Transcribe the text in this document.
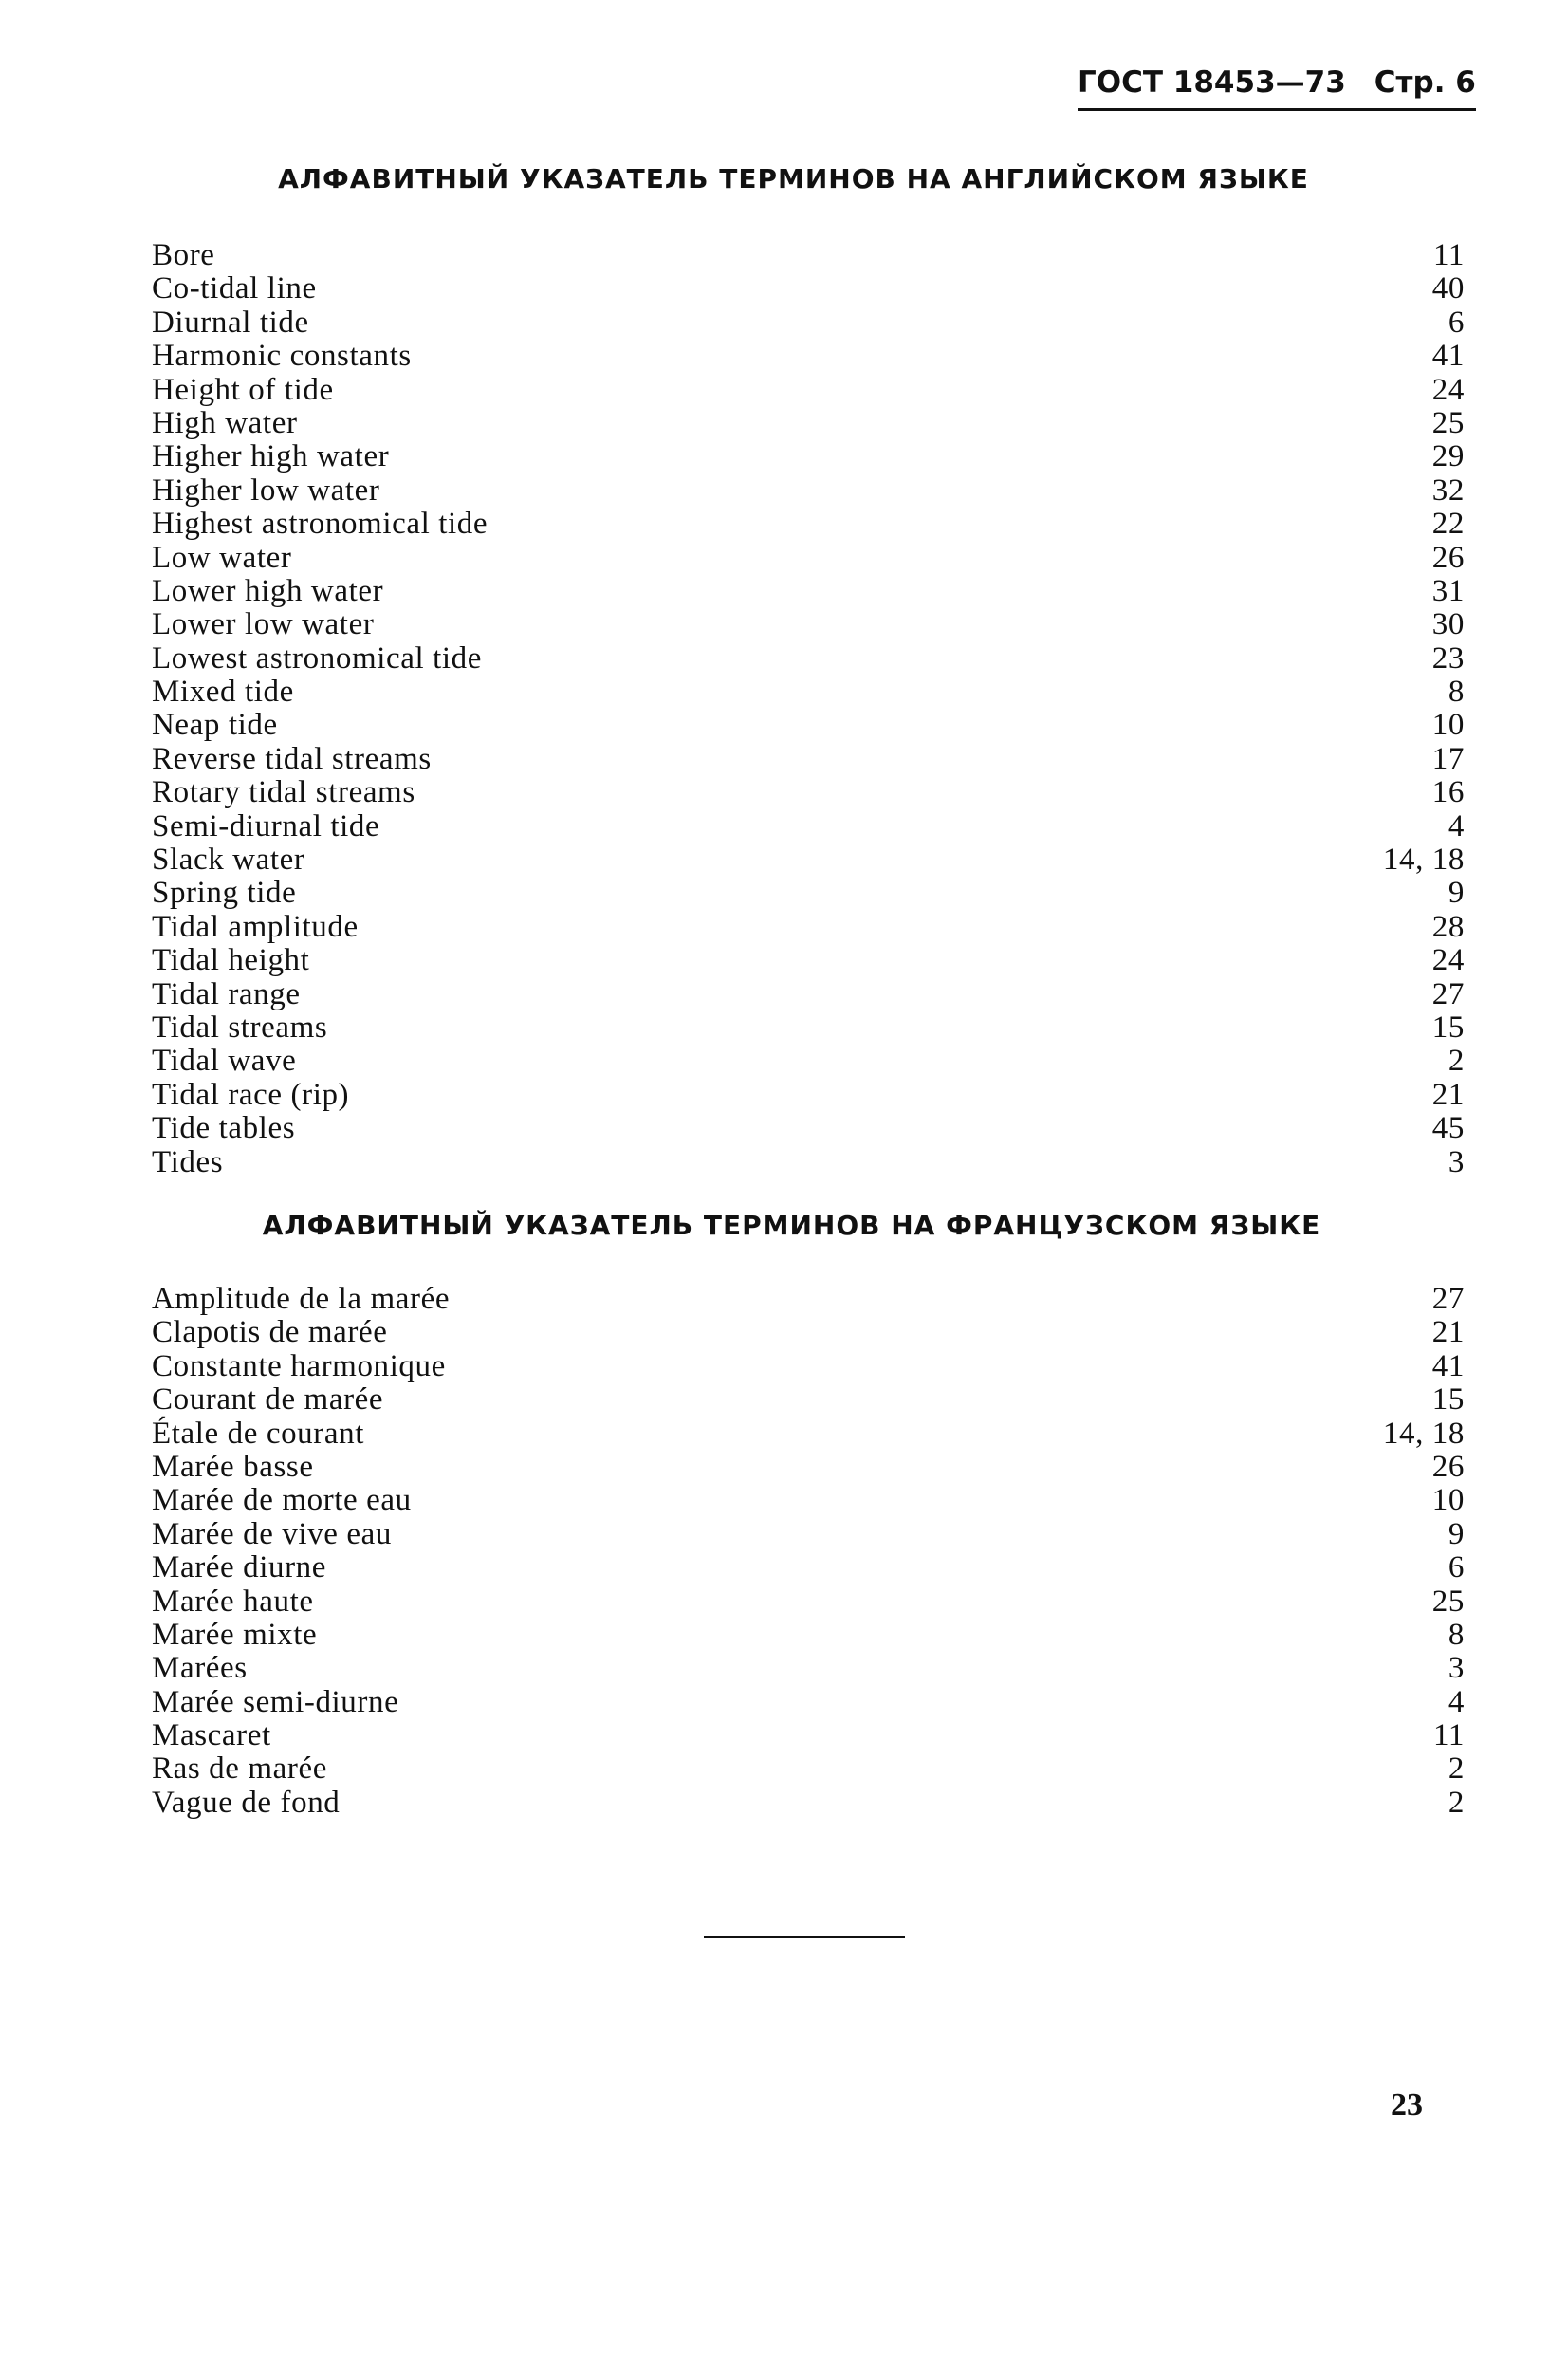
ГОСТ 18453—73 Стр. 6
АЛФАВИТНЫЙ УКАЗАТЕЛЬ ТЕРМИНОВ НА АНГЛИЙСКОМ ЯЗЫКЕ
Bore	11
Co-tidal line	40
Diurnal tide	6
Harmonic constants	41
Height of tide	24
High water	25
Higher high water	29
Higher low water	32
Highest astronomical tide	22
Low water	26
Lower high water	31
Lower low water	30
Lowest astronomical tide	23
Mixed tide	8
Neap tide	10
Reverse tidal streams	17
Rotary tidal streams	16
Semi-diurnal tide	4
Slack water	14, 18
Spring tide	9
Tidal amplitude	28
Tidal height	24
Tidal range	27
Tidal streams	15
Tidal wave	2
Tidal race (rip)	21
Tide tables	45
Tides	3
АЛФАВИТНЫЙ УКАЗАТЕЛЬ ТЕРМИНОВ НА ФРАНЦУЗСКОМ ЯЗЫКЕ
Amplitude de la marée	27
Clapotis de marée	21
Constante harmonique	41
Courant de marée	15
Étale de courant	14, 18
Marée basse	26
Marée de morte eau	10
Marée de vive eau	9
Marée diurne	6
Marée haute	25
Marée mixte	8
Marées	3
Marée semi-diurne	4
Mascaret	11
Ras de marée	2
Vague de fond	2
23
